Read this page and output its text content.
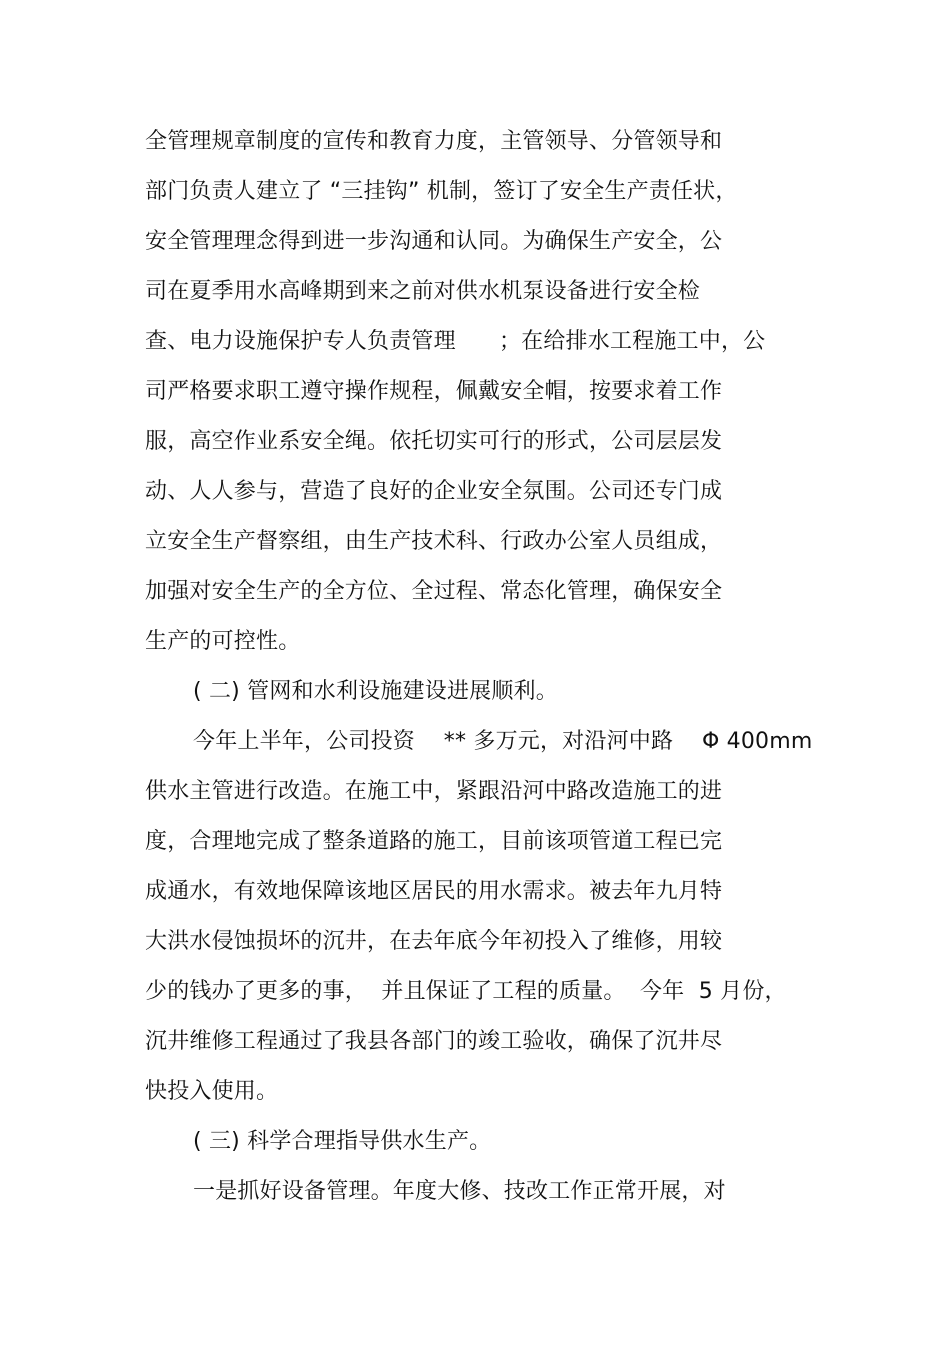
全管理规章制度的宣传和教育力度，主管领导、分管领导和
部门负责人建立了 “三挂钩” 机制，签订了安全生产责任状，
安全管理理念得到进一步沟通和认同。为确保生产安全，公
司在夏季用水高峰期到来之前对供水机泵设备进行安全检
查、电力设施保护专人负责管理      ；在给排水工程施工中，公
司严格要求职工遵守操作规程，佩戴安全帽，按要求着工作
服，高空作业系安全绳。依托切实可行的形式，公司层层发
动、人人参与，营造了良好的企业安全氛围。公司还专门成
立安全生产督察组，由生产技术科、行政办公室人员组成，
加强对安全生产的全方位、全过程、常态化管理，确保安全
生产的可控性。
( 二) 管网和水利设施建设进展顺利。
今年上半年，公司投资    ** 多万元，对沿河中路    Φ 400mm
供水主管进行改造。在施工中，紧跟沿河中路改造施工的进
度，合理地完成了整条道路的施工，目前该项管道工程已完
成通水，有效地保障该地区居民的用水需求。被去年九月特
大洪水侵蚀损坏的沉井，在去年底今年初投入了维修，用较
少的钱办了更多的事，  并且保证了工程的质量。  今年  5 月份，
沉井维修工程通过了我县各部门的竣工验收，确保了沉井尽
快投入使用。
( 三) 科学合理指导供水生产。
一是抓好设备管理。年度大修、技改工作正常开展，对
